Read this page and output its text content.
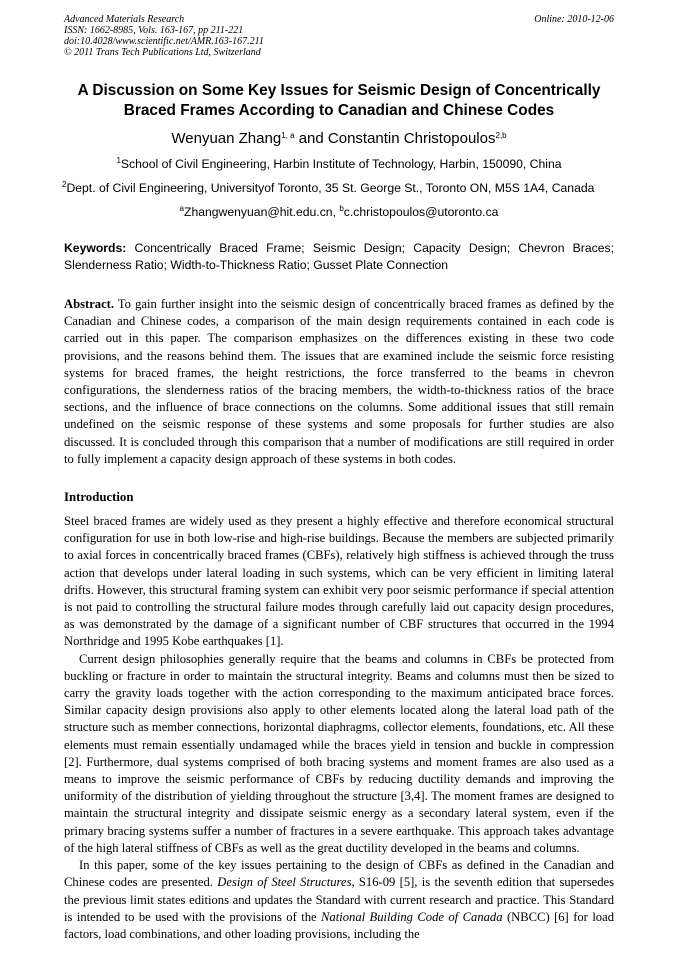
Advanced Materials Research
ISSN: 1662-8985, Vols. 163-167, pp 211-221
doi:10.4028/www.scientific.net/AMR.163-167.211
© 2011 Trans Tech Publications Ltd, Switzerland
Online: 2010-12-06
A Discussion on Some Key Issues for Seismic Design of Concentrically
Braced Frames According to Canadian and Chinese Codes
Wenyuan Zhang$^{1, a}$ and Constantin Christopoulos$^{2,b}$
$^1$School of Civil Engineering, Harbin Institute of Technology, Harbin, 150090, China
$^2$Dept. of Civil Engineering, Universityof Toronto, 35 St. George St., Toronto ON, M5S 1A4, Canada
$^a$Zhangwenyuan@hit.edu.cn, $^b$c.christopoulos@utoronto.ca
Keywords: Concentrically Braced Frame; Seismic Design; Capacity Design; Chevron Braces; Slenderness Ratio; Width-to-Thickness Ratio; Gusset Plate Connection
Abstract. To gain further insight into the seismic design of concentrically braced frames as defined by the Canadian and Chinese codes, a comparison of the main design requirements contained in each code is carried out in this paper. The comparison emphasizes on the differences existing in these two code provisions, and the reasons behind them. The issues that are examined include the seismic force resisting systems for braced frames, the height restrictions, the force transferred to the beams in chevron configurations, the slenderness ratios of the bracing members, the width-to-thickness ratios of the brace sections, and the influence of brace connections on the columns. Some additional issues that still remain undefined on the seismic response of these systems and some proposals for further studies are also discussed. It is concluded through this comparison that a number of modifications are still required in order to fully implement a capacity design approach of these systems in both codes.
Introduction
Steel braced frames are widely used as they present a highly effective and therefore economical structural configuration for use in both low-rise and high-rise buildings. Because the members are subjected primarily to axial forces in concentrically braced frames (CBFs), relatively high stiffness is achieved through the truss action that develops under lateral loading in such systems, which can be very efficient in limiting lateral drifts. However, this structural framing system can exhibit very poor seismic performance if special attention is not paid to controlling the structural failure modes through carefully laid out capacity design procedures, as was demonstrated by the damage of a significant number of CBF structures that occurred in the 1994 Northridge and 1995 Kobe earthquakes [1].
Current design philosophies generally require that the beams and columns in CBFs be protected from buckling or fracture in order to maintain the structural integrity. Beams and columns must then be sized to carry the gravity loads together with the action corresponding to the maximum anticipated brace forces. Similar capacity design provisions also apply to other elements located along the lateral load path of the structure such as member connections, horizontal diaphragms, collector elements, foundations, etc. All these elements must remain essentially undamaged while the braces yield in tension and buckle in compression [2]. Furthermore, dual systems comprised of both bracing systems and moment frames are also used as a means to improve the seismic performance of CBFs by reducing ductility demands and improving the uniformity of the distribution of yielding throughout the structure [3,4]. The moment frames are designed to maintain the structural integrity and dissipate seismic energy as a secondary lateral system, even if the primary bracing systems suffer a number of fractures in a severe earthquake. This approach takes advantage of the high lateral stiffness of CBFs as well as the great ductility developed in the beams and columns.
In this paper, some of the key issues pertaining to the design of CBFs as defined in the Canadian and Chinese codes are presented. Design of Steel Structures, S16-09 [5], is the seventh edition that supersedes the previous limit states editions and updates the Standard with current research and practice. This Standard is intended to be used with the provisions of the National Building Code of Canada (NBCC) [6] for load factors, load combinations, and other loading provisions, including the
